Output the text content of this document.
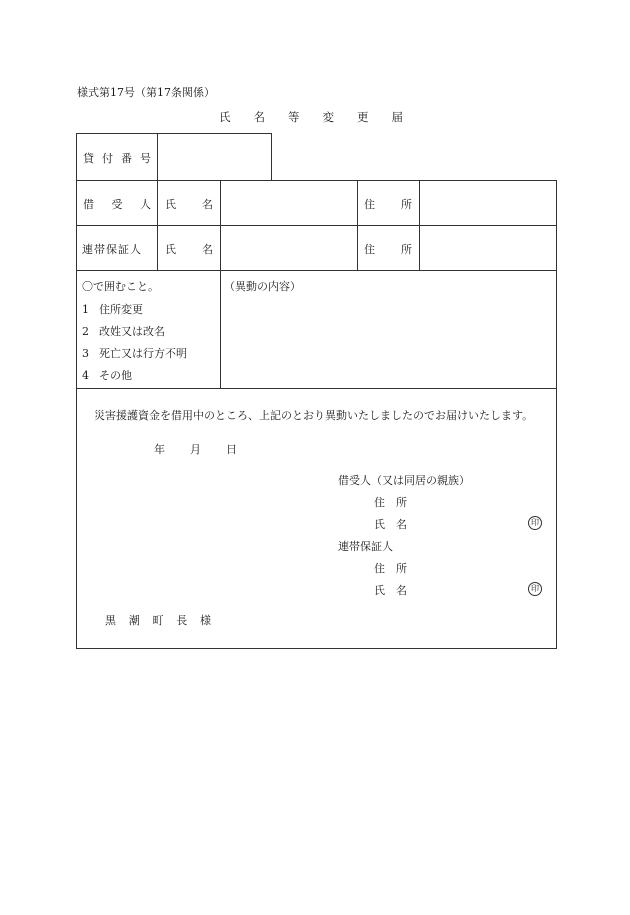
様式第17号（第17条関係）
氏 名 等 変 更 届
貸 付 番 号
借 受 人 氏 名	住 所
連帯保証人 氏 名	住 所
〇で囲むこと。
1 住所変更
2 改姓又は改名
3 死亡又は行方不明
4 その他
（異動の内容）
災害援護資金を借用中のところ、上記のとおり異動いたしましたのでお届けいたします。
年 月 日
借受人（又は同居の親族）
住　所
氏　名	印
連帯保証人
住　所
氏　名	印
黒 潮 町 長 様
